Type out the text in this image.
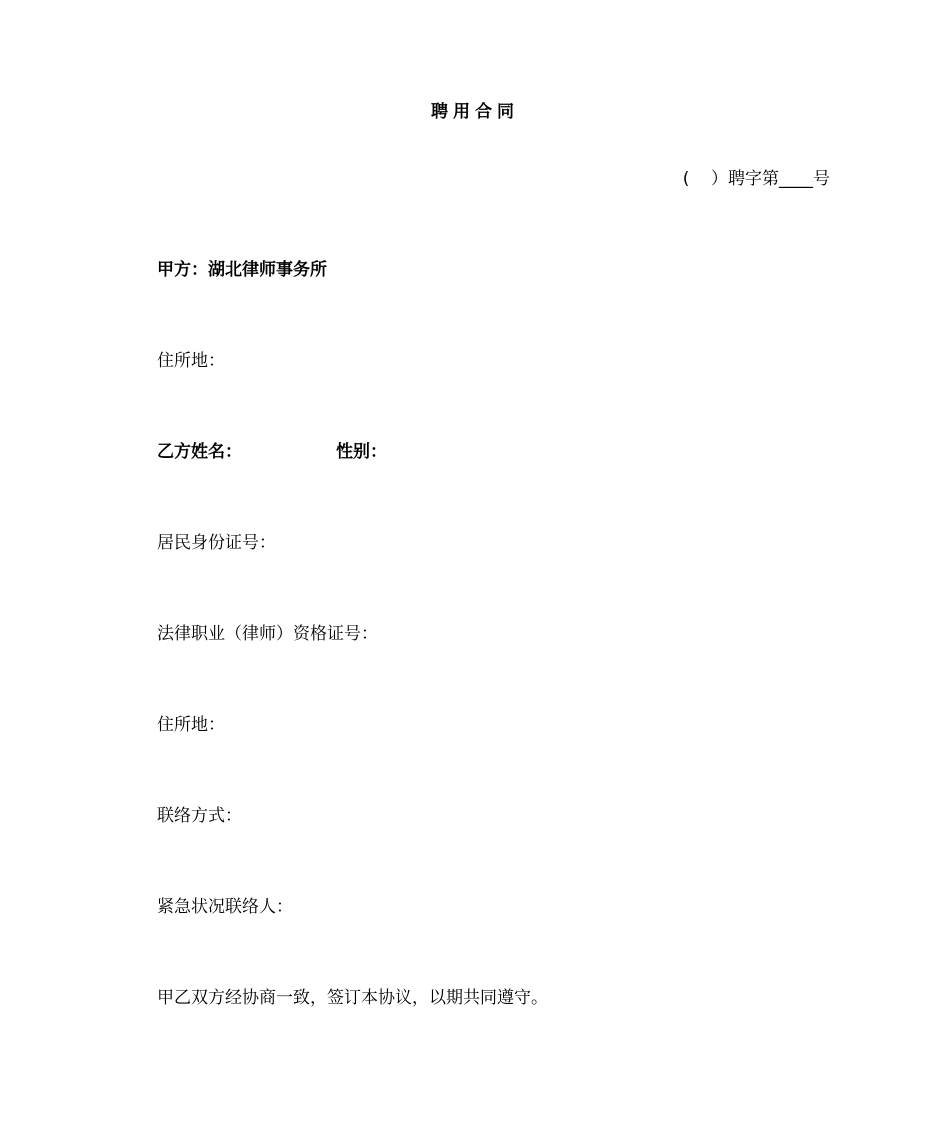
聘用合同
(    ）聘字第____号
甲方：湖北律师事务所
住所地：
乙方姓名：	性别：
居民身份证号：
法律职业（律师）资格证号：
住所地：
联络方式：
紧急状况联络人：
甲乙双方经协商一致，签订本协议，以期共同遵守。
